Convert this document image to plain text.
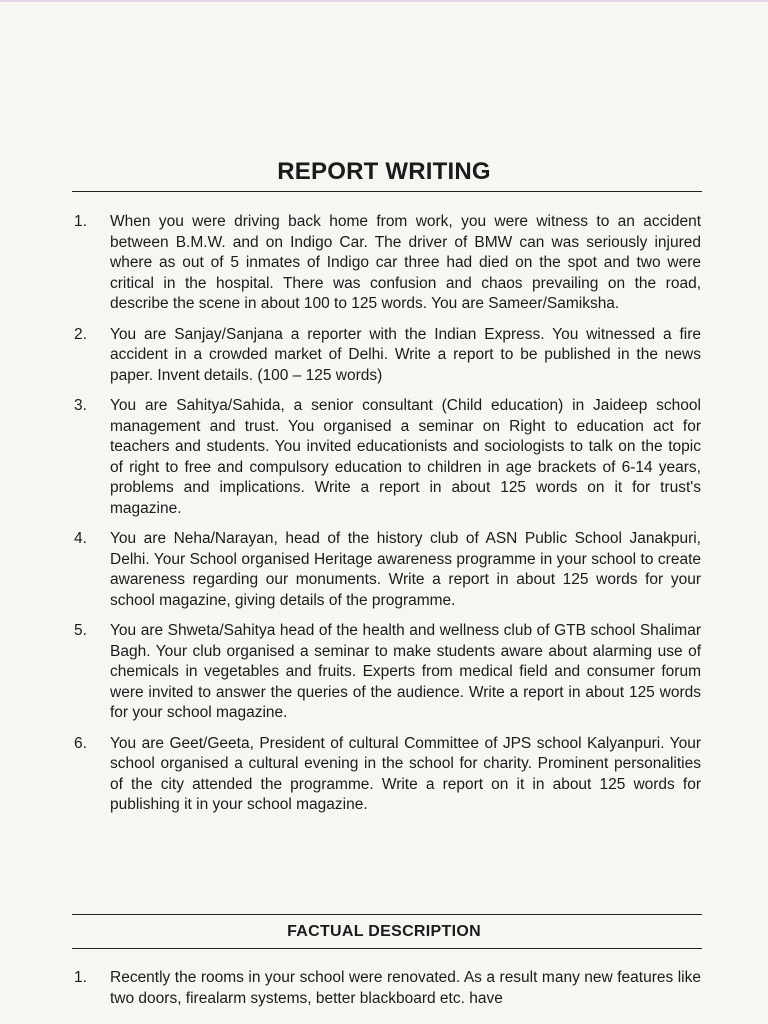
REPORT WRITING
1. When you were driving back home from work, you were witness to an accident between B.M.W. and on Indigo Car. The driver of BMW can was seriously injured where as out of 5 inmates of Indigo car three had died on the spot and two were critical in the hospital. There was confusion and chaos prevailing on the road, describe the scene in about 100 to 125 words. You are Sameer/Samiksha.

2. You are Sanjay/Sanjana a reporter with the Indian Express. You witnessed a fire accident in a crowded market of Delhi. Write a report to be published in the news paper. Invent details. (100 – 125 words)

3. You are Sahitya/Sahida, a senior consultant (Child education) in Jaideep school management and trust. You organised a seminar on Right to education act for teachers and students. You invited educationists and sociologists to talk on the topic of right to free and compulsory education to children in age brackets of 6-14 years, problems and implications. Write a report in about 125 words on it for trust's magazine.

4. You are Neha/Narayan, head of the history club of ASN Public School Janakpuri, Delhi. Your School organised Heritage awareness programme in your school to create awareness regarding our monuments. Write a report in about 125 words for your school magazine, giving details of the programme.

5. You are Shweta/Sahitya head of the health and wellness club of GTB school Shalimar Bagh. Your club organised a seminar to make students aware about alarming use of chemicals in vegetables and fruits. Experts from medical field and consumer forum were invited to answer the queries of the audience. Write a report in about 125 words for your school magazine.

6. You are Geet/Geeta, President of cultural Committee of JPS school Kalyanpuri. Your school organised a cultural evening in the school for charity. Prominent personalities of the city attended the programme. Write a report on it in about 125 words for publishing it in your school magazine.

FACTUAL DESCRIPTION
1. Recently the rooms in your school were renovated. As a result many new features like two doors, firealarm systems, better blackboard etc. have
